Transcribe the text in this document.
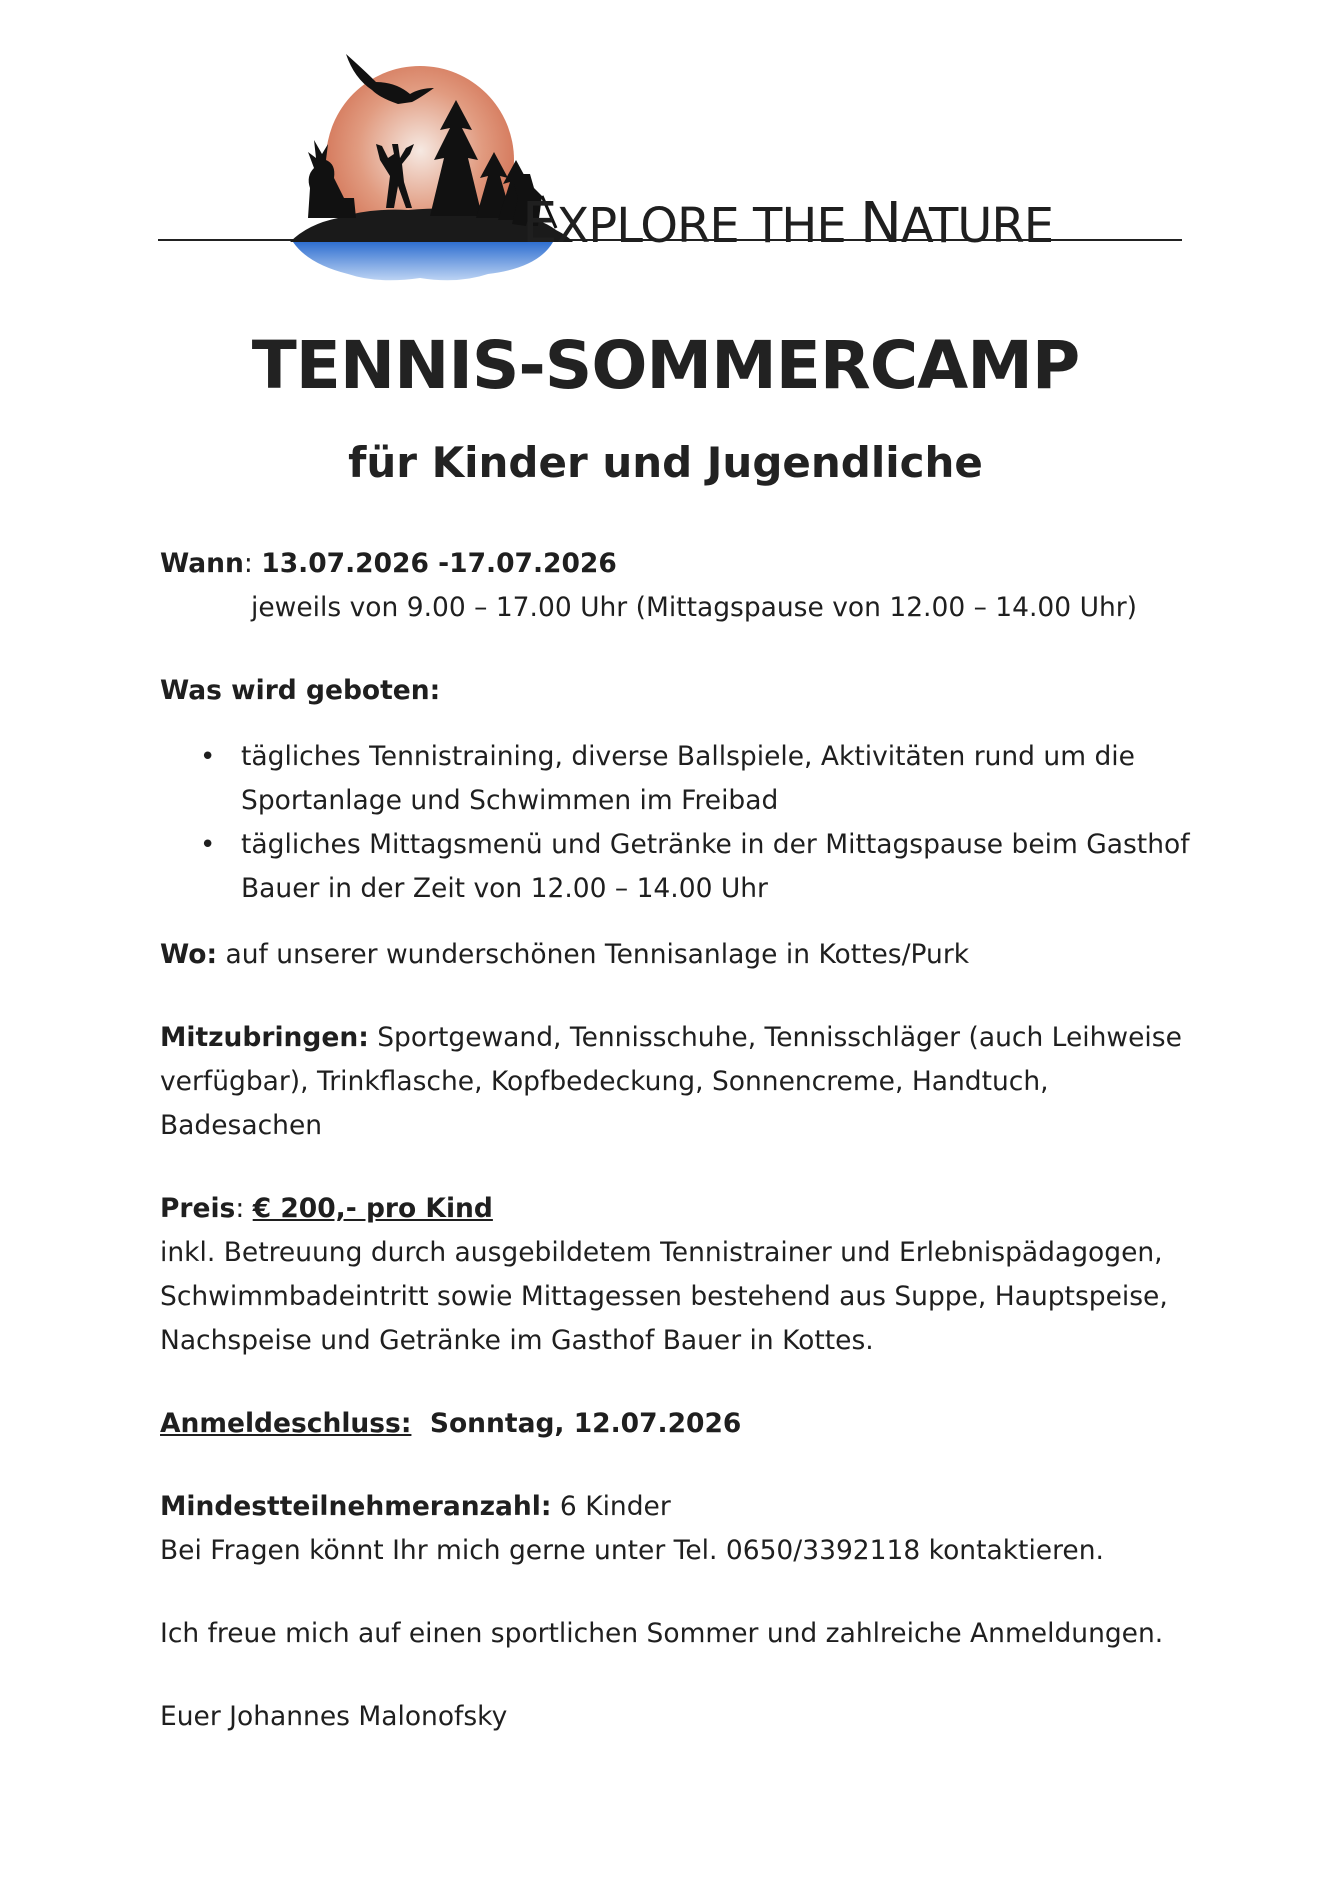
EXPLORE THE NATURE
TENNIS-SOMMERCAMP
für Kinder und Jugendliche

Wann: 13.07.2026 -17.07.2026

jeweils von 9.00 – 17.00 Uhr (Mittagspause von 12.00 – 14.00 Uhr)

Was wird geboten:

• tägliches Tennistraining, diverse Ballspiele, Aktivitäten rund um die Sportanlage und Schwimmen im Freibad
• tägliches Mittagsmenü und Getränke in der Mittagspause beim Gasthof Bauer in der Zeit von 12.00 – 14.00 Uhr

Wo: auf unserer wunderschönen Tennisanlage in Kottes/Purk

Mitzubringen: Sportgewand, Tennisschuhe, Tennisschläger (auch Leihweise verfügbar), Trinkflasche, Kopfbedeckung, Sonnencreme, Handtuch, Badesachen

Preis: € 200,- pro Kind

inkl. Betreuung durch ausgebildetem Tennistrainer und Erlebnispädagogen, Schwimmbadeintritt sowie Mittagessen bestehend aus Suppe, Hauptspeise, Nachspeise und Getränke im Gasthof Bauer in Kottes.

Anmeldeschluss:  Sonntag, 12.07.2026

Mindestteilnehmeranzahl: 6 Kinder

Bei Fragen könnt Ihr mich gerne unter Tel. 0650/3392118 kontaktieren.

Ich freue mich auf einen sportlichen Sommer und zahlreiche Anmeldungen.

Euer Johannes Malonofsky
